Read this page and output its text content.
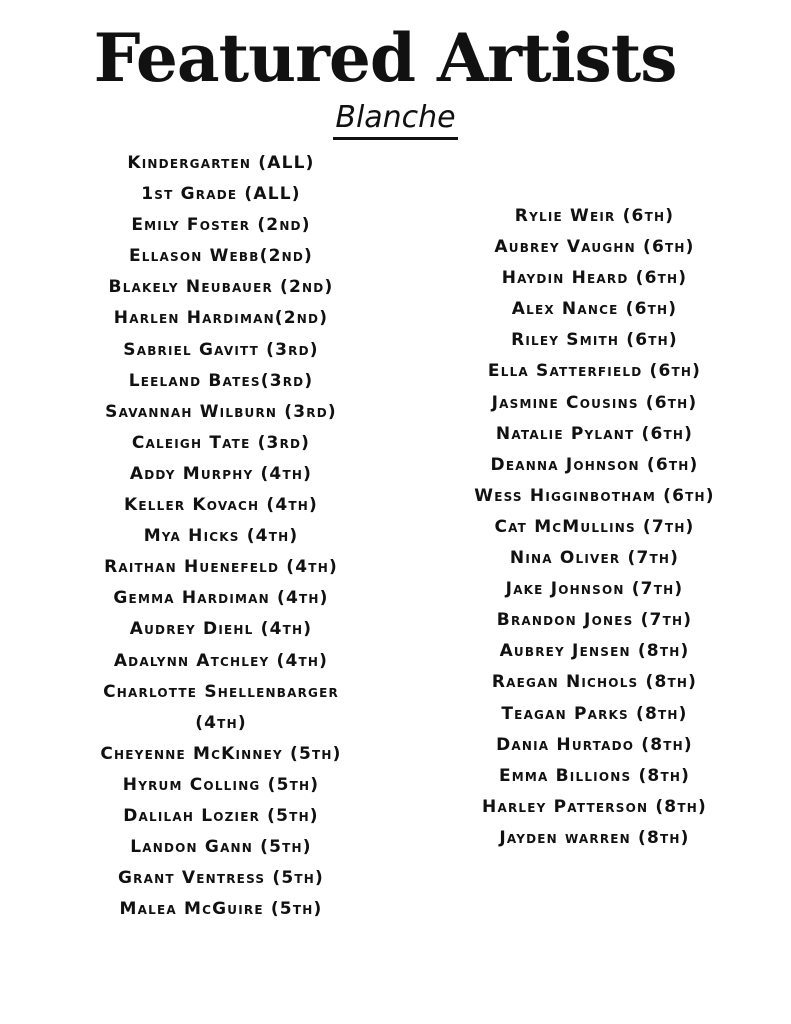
Featured Artists
Blanche
Kindergarten (ALL)
1st Grade (ALL)
Emily Foster (2nd)
Ellason Webb(2nd)
Blakely Neubauer (2nd)
Harlen Hardiman(2nd)
Sabriel Gavitt (3rd)
Leeland Bates(3rd)
Savannah Wilburn (3rd)
Caleigh Tate (3rd)
Addy Murphy (4th)
Keller Kovach (4th)
Mya Hicks (4th)
Raithan Huenefeld (4th)
Gemma Hardiman (4th)
Audrey Diehl (4th)
Adalynn Atchley (4th)
Charlotte Shellenbarger
(4th)
Cheyenne McKinney (5th)
Hyrum Colling (5th)
Dalilah Lozier (5th)
Landon Gann (5th)
Grant Ventress (5th)
Malea McGuire (5th)
Rylie Weir (6th)
Aubrey Vaughn (6th)
Haydin Heard (6th)
Alex Nance (6th)
Riley Smith (6th)
Ella Satterfield (6th)
Jasmine Cousins (6th)
Natalie Pylant (6th)
Deanna Johnson (6th)
Wess Higginbotham (6th)
Cat McMullins (7th)
Nina Oliver (7th)
Jake Johnson (7th)
Brandon Jones (7th)
Aubrey Jensen (8th)
Raegan Nichols (8th)
Teagan Parks (8th)
Dania Hurtado (8th)
Emma Billions (8th)
Harley Patterson (8th)
Jayden warren (8th)
